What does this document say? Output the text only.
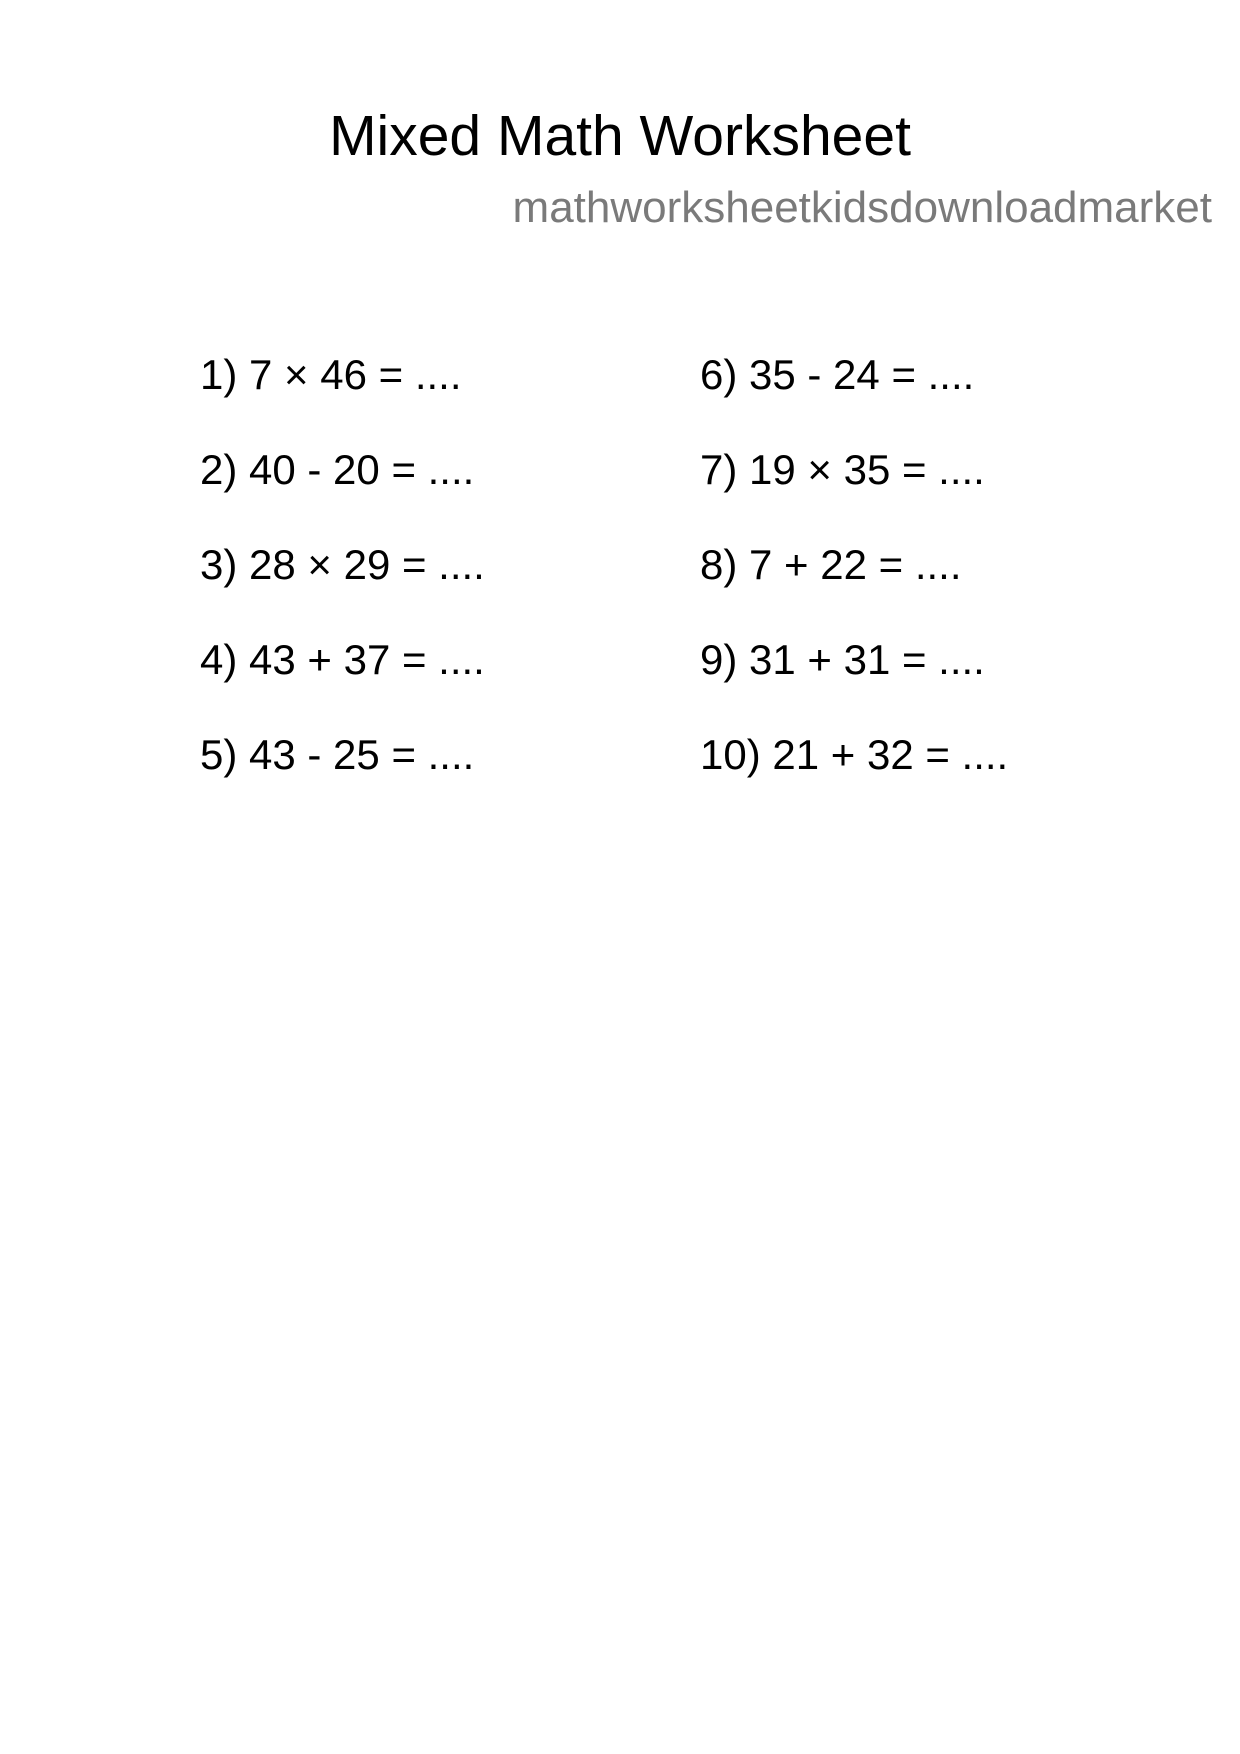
Mixed Math Worksheet
mathworksheetkidsdownloadmarket
1) 7 × 46 = ....
2) 40 - 20 = ....
3) 28 × 29 = ....
4) 43 + 37 = ....
5) 43 - 25 = ....
6) 35 - 24 = ....
7) 19 × 35 = ....
8) 7 + 22 = ....
9) 31 + 31 = ....
10) 21 + 32 = ....
